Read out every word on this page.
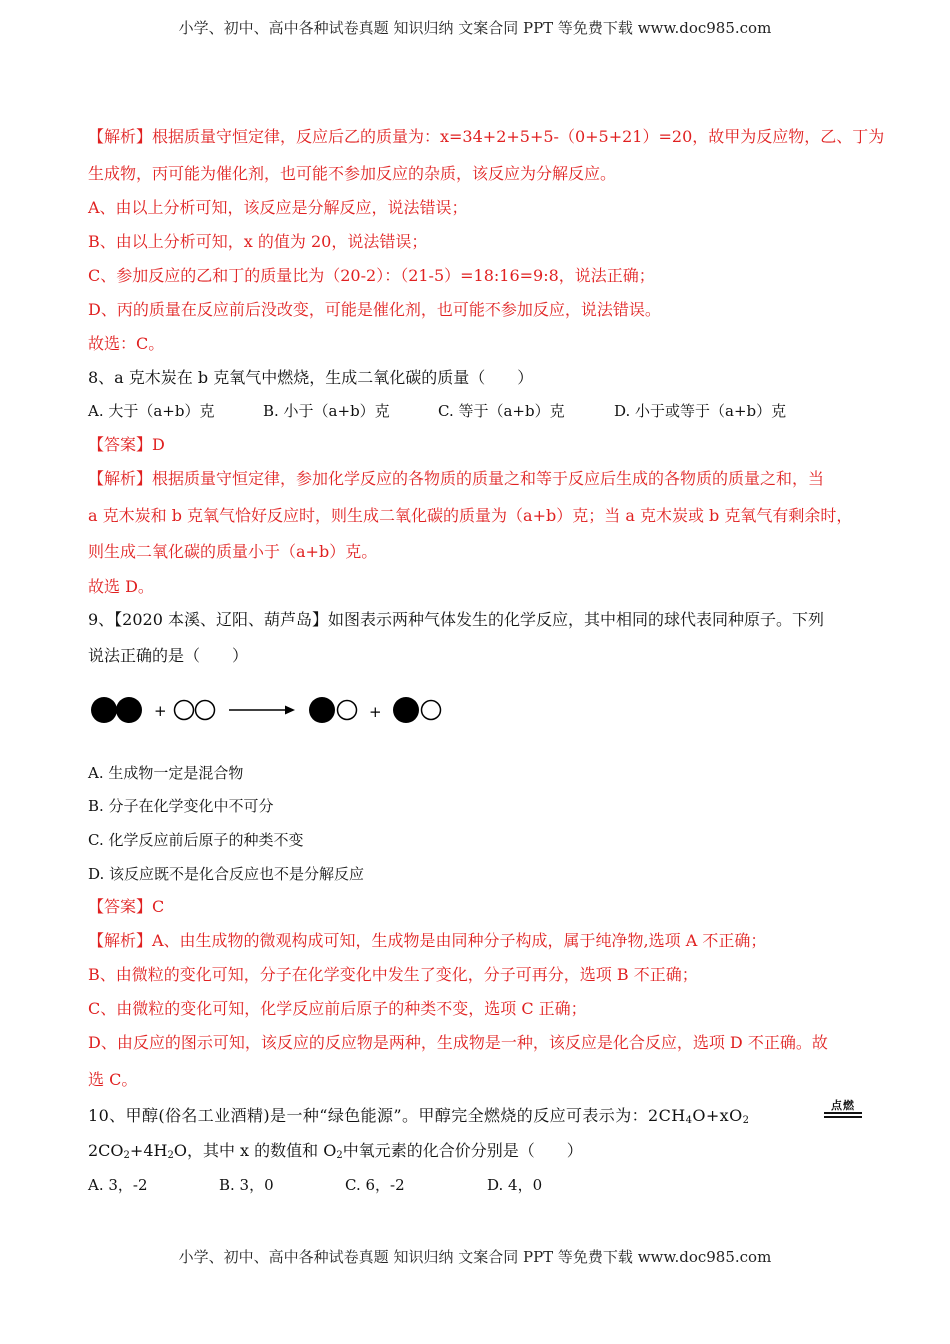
小学、初中、高中各种试卷真题 知识归纳 文案合同 PPT 等免费下载 www.doc985.com
【解析】根据质量守恒定律，反应后乙的质量为：x=34+2+5+5-（0+5+21）=20，故甲为反应物，乙、丁为
生成物，丙可能为催化剂，也可能不参加反应的杂质，该反应为分解反应。
A、由以上分析可知，该反应是分解反应，说法错误；
B、由以上分析可知，x 的值为 20，说法错误；
C、参加反应的乙和丁的质量比为（20-2）：（21-5）=18:16=9:8，说法正确；
D、丙的质量在反应前后没改变，可能是催化剂，也可能不参加反应，说法错误。
故选：C。
8、a 克木炭在 b 克氧气中燃烧，生成二氧化碳的质量（　　）
A. 大于（a+b）克	B. 小于（a+b）克	C. 等于（a+b）克	D. 小于或等于（a+b）克
【答案】D
【解析】根据质量守恒定律，参加化学反应的各物质的质量之和等于反应后生成的各物质的质量之和，当
a 克木炭和 b 克氧气恰好反应时，则生成二氧化碳的质量为（a+b）克；当 a 克木炭或 b 克氧气有剩余时，
则生成二氧化碳的质量小于（a+b）克。
故选 D。
9、【2020 本溪、辽阳、葫芦岛】如图表示两种气体发生的化学反应，其中相同的球代表同种原子。下列
说法正确的是（　　）
+	+
A. 生成物一定是混合物
B. 分子在化学变化中不可分
C. 化学反应前后原子的种类不变
D. 该反应既不是化合反应也不是分解反应
【答案】C
【解析】A、由生成物的微观构成可知，生成物是由同种分子构成，属于纯净物,选项 A 不正确；
B、由微粒的变化可知，分子在化学变化中发生了变化，分子可再分，选项 B 不正确；
C、由微粒的变化可知，化学反应前后原子的种类不变，选项 C 正确；
D、由反应的图示可知，该反应的反应物是两种，生成物是一种，该反应是化合反应，选项 D 不正确。故
选 C。
10、甲醇(俗名工业酒精)是一种“绿色能源”。甲醇完全燃烧的反应可表示为：$2CH_4O+xO_2$
点燃
$2CO_2+4H_2O$，其中 x 的数值和 $O_2$中氧元素的化合价分别是（　　）
A. 3，-2	B. 3，0	C. 6，-2	D. 4，0
小学、初中、高中各种试卷真题 知识归纳 文案合同 PPT 等免费下载 www.doc985.com
